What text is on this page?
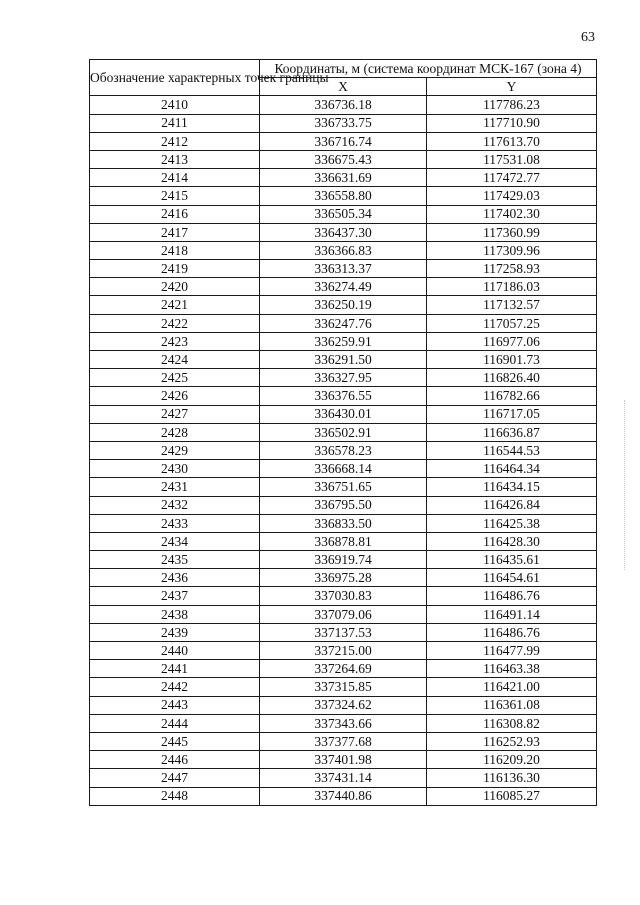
63
Обозначение характерных точек границы	Координаты, м (система координат МСК-167 (зона 4)	
	X	Y
2410	336736.18	117786.23
2411	336733.75	117710.90
2412	336716.74	117613.70
2413	336675.43	117531.08
2414	336631.69	117472.77
2415	336558.80	117429.03
2416	336505.34	117402.30
2417	336437.30	117360.99
2418	336366.83	117309.96
2419	336313.37	117258.93
2420	336274.49	117186.03
2421	336250.19	117132.57
2422	336247.76	117057.25
2423	336259.91	116977.06
2424	336291.50	116901.73
2425	336327.95	116826.40
2426	336376.55	116782.66
2427	336430.01	116717.05
2428	336502.91	116636.87
2429	336578.23	116544.53
2430	336668.14	116464.34
2431	336751.65	116434.15
2432	336795.50	116426.84
2433	336833.50	116425.38
2434	336878.81	116428.30
2435	336919.74	116435.61
2436	336975.28	116454.61
2437	337030.83	116486.76
2438	337079.06	116491.14
2439	337137.53	116486.76
2440	337215.00	116477.99
2441	337264.69	116463.38
2442	337315.85	116421.00
2443	337324.62	116361.08
2444	337343.66	116308.82
2445	337377.68	116252.93
2446	337401.98	116209.20
2447	337431.14	116136.30
2448	337440.86	116085.27
